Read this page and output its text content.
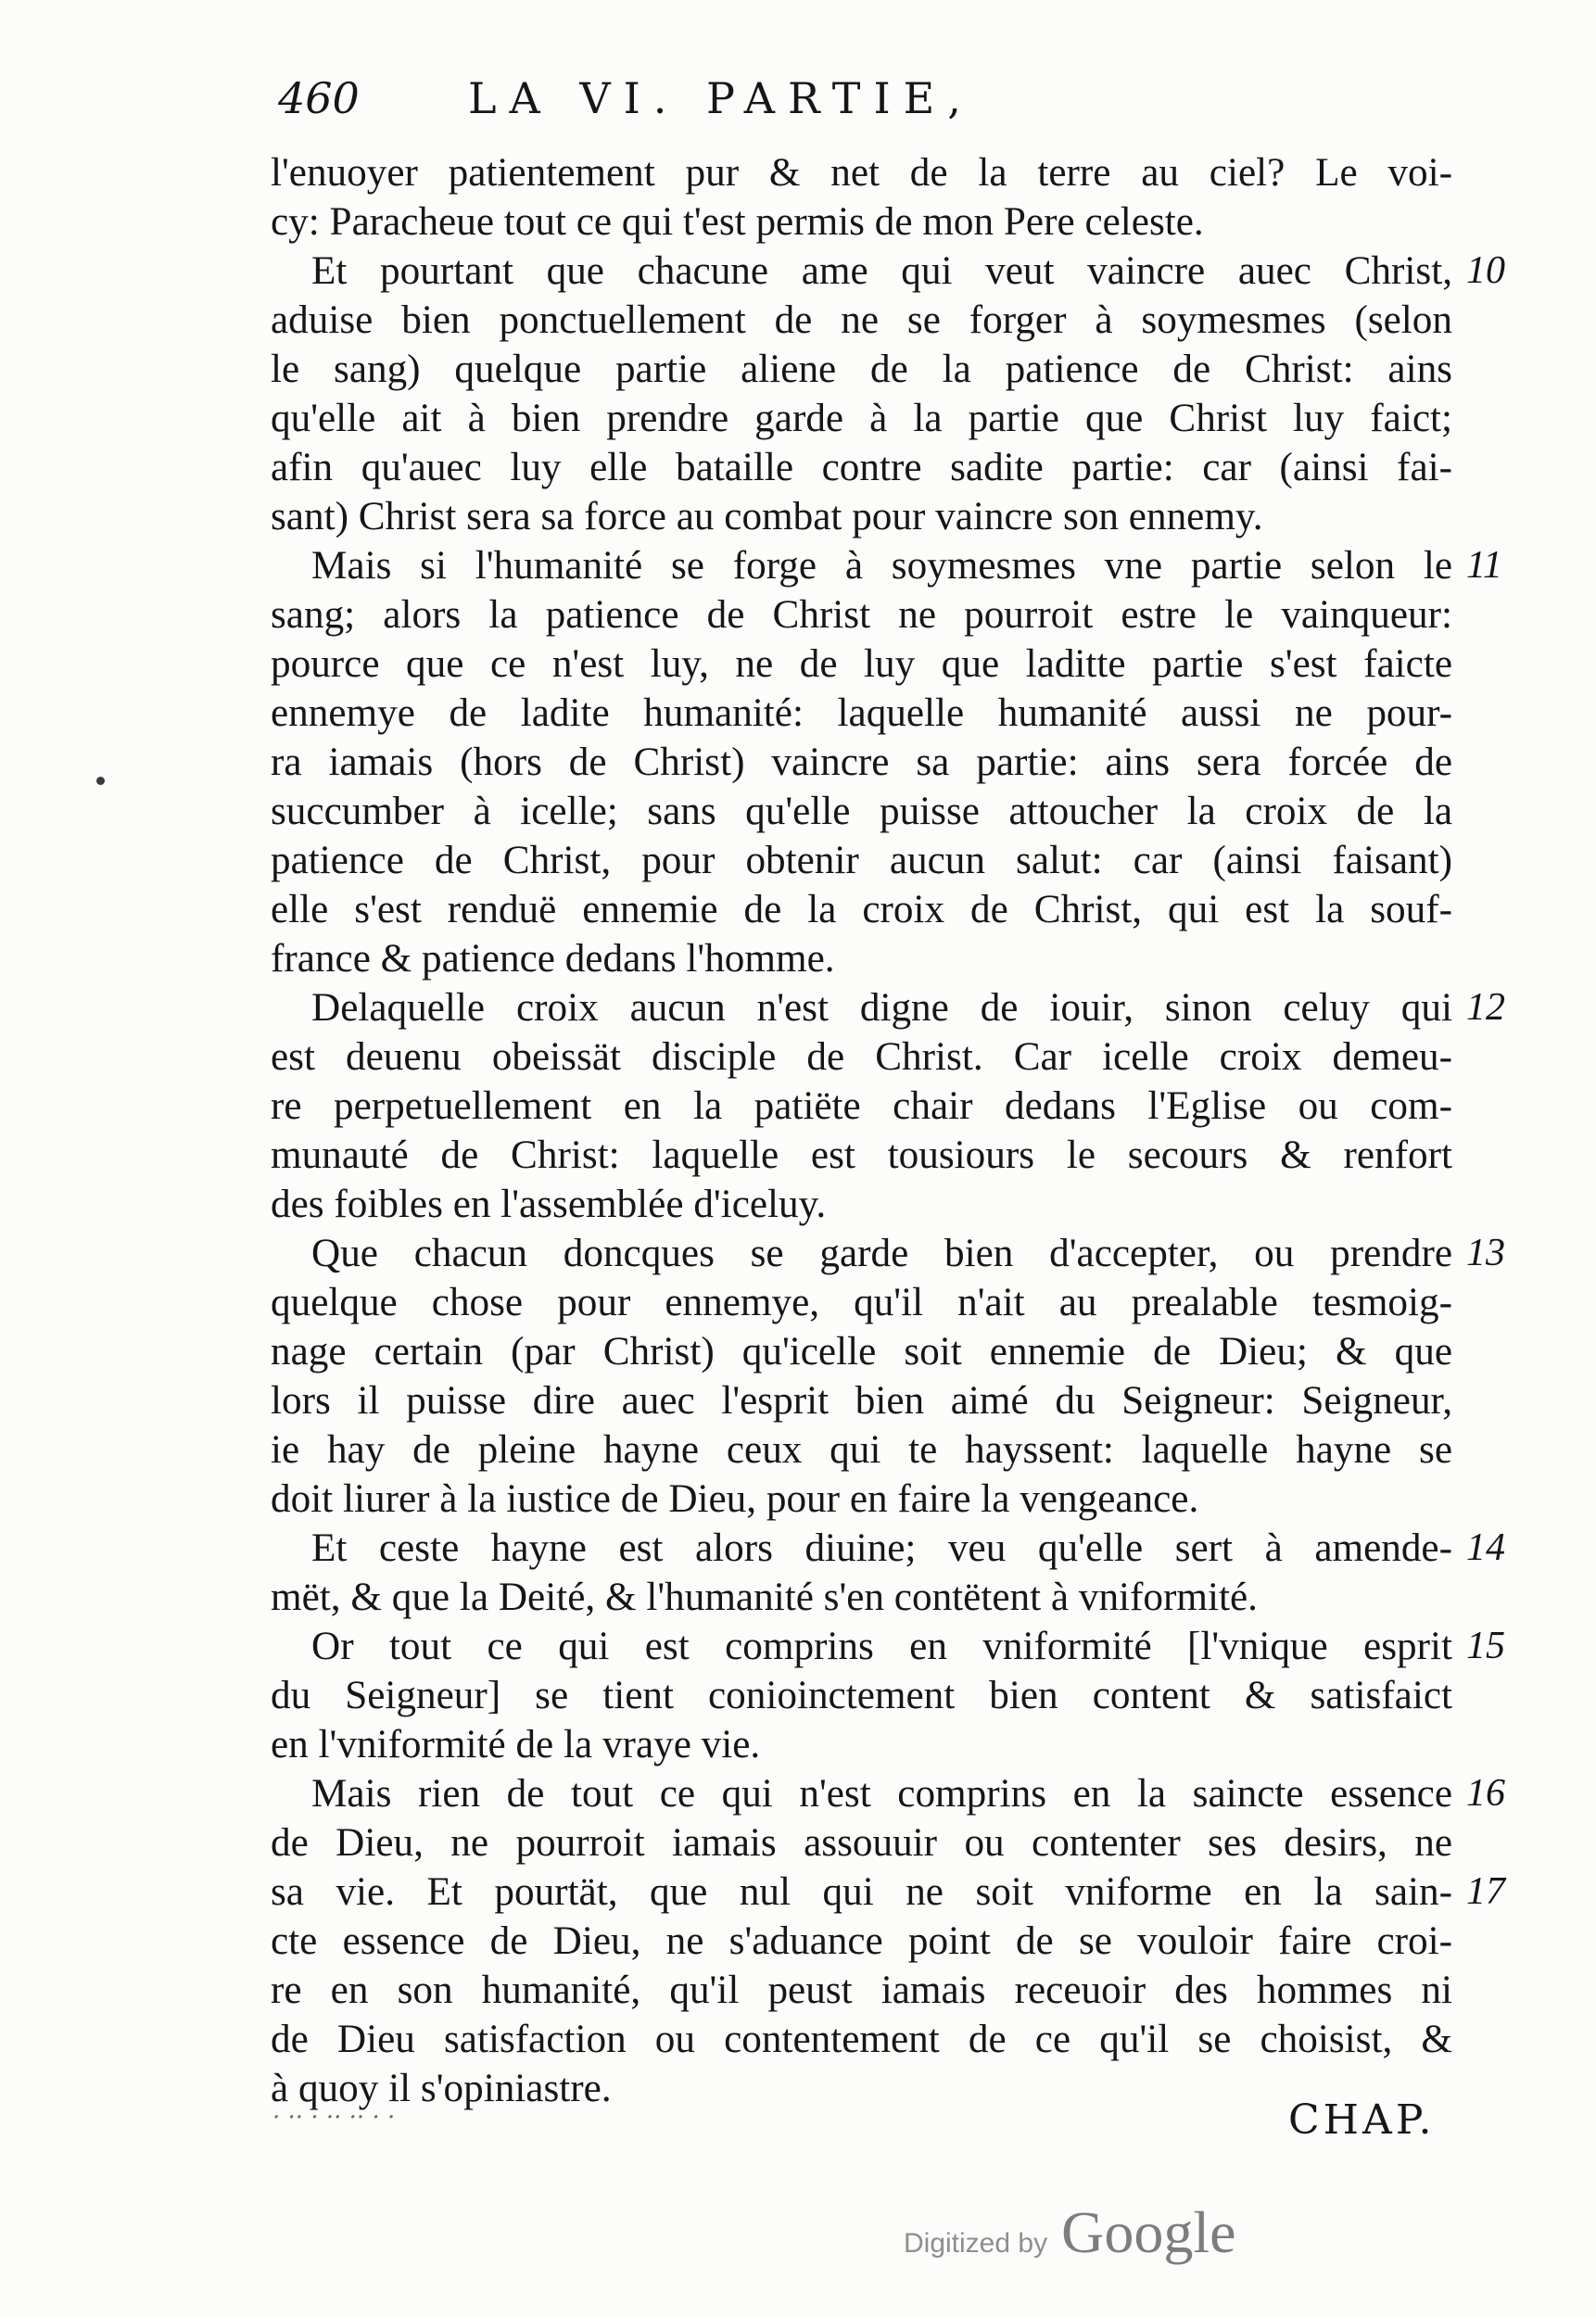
460	LA VI. PARTIE,
l'enuoyer patientement pur & net de la terre au ciel? Le voi-
cy: Paracheue tout ce qui t'est permis de mon Pere celeste.
Et pourtant que chacune ame qui veut vaincre auec Christ, 10
aduise bien ponctuellement de ne se forger à soymesmes (selon
le sang) quelque partie aliene de la patience de Christ: ains
qu'elle ait à bien prendre garde à la partie que Christ luy faict;
afin qu'auec luy elle bataille contre sadite partie: car (ainsi fai-
sant) Christ sera sa force au combat pour vaincre son ennemy.
Mais si l'humanité se forge à soymesmes vne partie selon le 11
sang; alors la patience de Christ ne pourroit estre le vainqueur:
pource que ce n'est luy, ne de luy que laditte partie s'est faicte
ennemye de ladite humanité: laquelle humanité aussi ne pour-
ra iamais (hors de Christ) vaincre sa partie: ains sera forcée de
succumber à icelle; sans qu'elle puisse attoucher la croix de la
patience de Christ, pour obtenir aucun salut: car (ainsi faisant)
elle s'est renduë ennemie de la croix de Christ, qui est la souf-
france & patience dedans l'homme.
Delaquelle croix aucun n'est digne de iouir, sinon celuy qui 12
est deuenu obeissät disciple de Christ. Car icelle croix demeu-
re perpetuellement en la patiëte chair dedans l'Eglise ou com-
munauté de Christ: laquelle est tousiours le secours & renfort
des foibles en l'assemblée d'iceluy.
Que chacun doncques se garde bien d'accepter, ou prendre 13
quelque chose pour ennemye, qu'il n'ait au prealable tesmoig-
nage certain (par Christ) qu'icelle soit ennemie de Dieu; & que
lors il puisse dire auec l'esprit bien aimé du Seigneur: Seigneur,
ie hay de pleine hayne ceux qui te hayssent: laquelle hayne se
doit liurer à la iustice de Dieu, pour en faire la vengeance.
Et ceste hayne est alors diuine; veu qu'elle sert à amende- 14
mët, & que la Deité, & l'humanité s'en contëtent à vniformité.
Or tout ce qui est comprins en vniformité [l'vnique esprit 15
du Seigneur] se tient conioinctement bien content & satisfaict
en l'vniformité de la vraye vie.
Mais rien de tout ce qui n'est comprins en la saincte essence 16
de Dieu, ne pourroit iamais assouuir ou contenter ses desirs, ne
sa vie. Et pourtät, que nul qui ne soit vniforme en la sain- 17
cte essence de Dieu, ne s'aduance point de se vouloir faire croi-
re en son humanité, qu'il peust iamais receuoir des hommes ni
de Dieu satisfaction ou contentement de ce qu'il se choisist, &
à quoy il s'opiniastre.
· ·· · ·· ·· · ·	CHAP.
Digitized by Google
